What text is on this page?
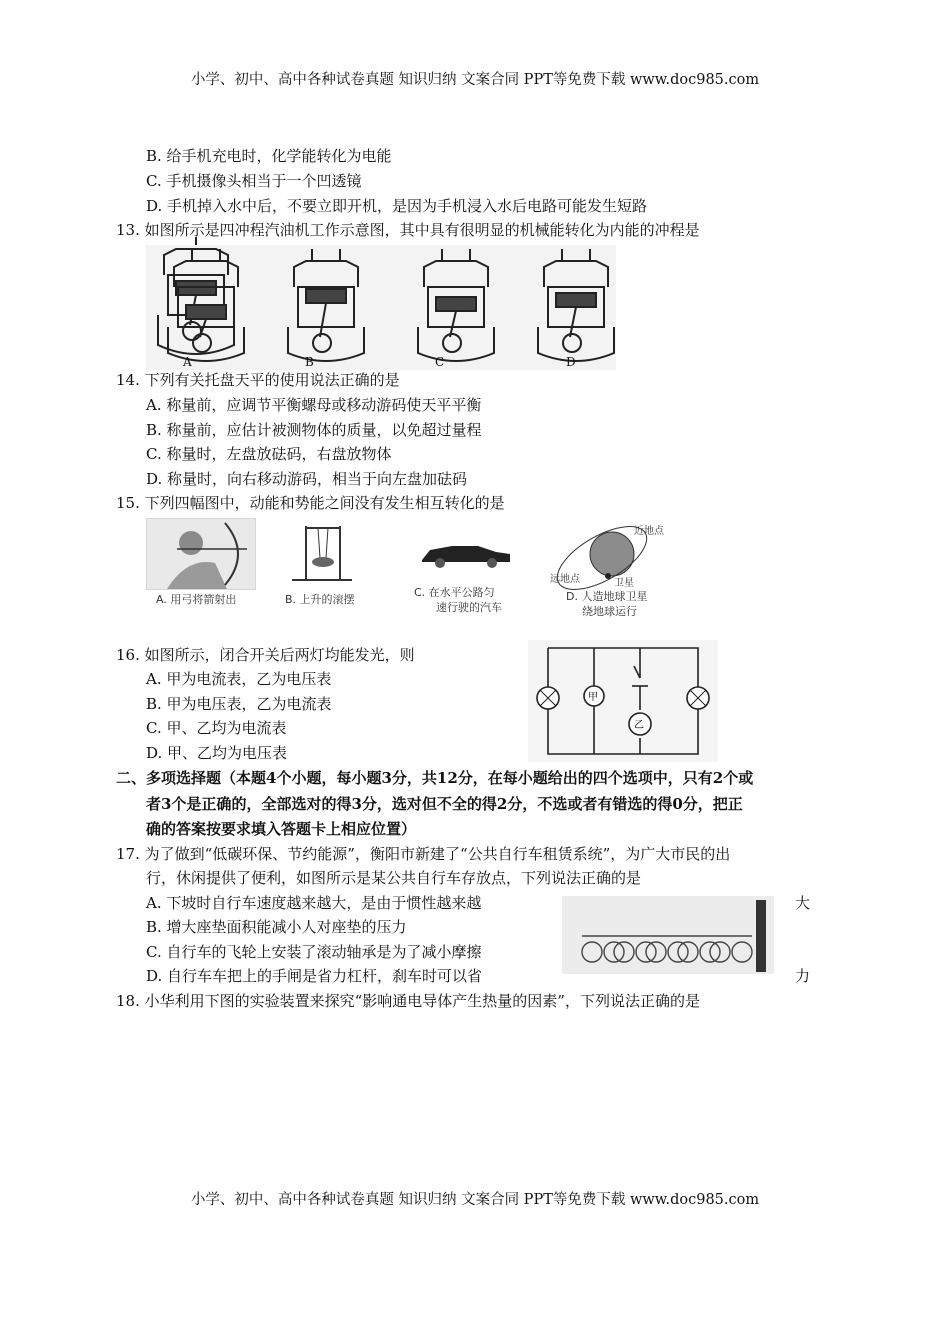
小学、初中、高中各种试卷真题 知识归纳 文案合同 PPT等免费下载 www.doc985.com
B. 给手机充电时，化学能转化为电能
C. 手机摄像头相当于一个凹透镜
D. 手机掉入水中后，不要立即开机，是因为手机浸入水后电路可能发生短路
13. 如图所示是四冲程汽油机工作示意图，其中具有很明显的机械能转化为内能的冲程是
A	B	C	D
14. 下列有关托盘天平的使用说法正确的是
A. 称量前，应调节平衡螺母或移动游码使天平平衡
B. 称量前，应估计被测物体的质量，以免超过量程
C. 称量时，左盘放砝码，右盘放物体
D. 称量时，向右移动游码，相当于向左盘加砝码
15. 下列四幅图中，动能和势能之间没有发生相互转化的是
近地点
远地点	卫星
A. 用弓将箭射出	B. 上升的滚摆
C. 在水平公路匀
速行驶的汽车
D. 人造地球卫星
绕地球运行
16. 如图所示，闭合开关后两灯均能发光，则
A. 甲为电流表，乙为电压表
B. 甲为电压表，乙为电流表
C. 甲、乙均为电流表
D. 甲、乙均为电压表
甲
乙
二、多项选择题（本题4个小题，每小题3分，共12分，在每小题给出的四个选项中，只有2个或
者3个是正确的，全部选对的得3分，选对但不全的得2分，不选或者有错选的得0分，把正
确的答案按要求填入答题卡上相应位置）
17. 为了做到“低碳环保、节约能源”，衡阳市新建了“公共自行车租赁系统”，为广大市民的出
行，休闲提供了便利，如图所示是某公共自行车存放点，下列说法正确的是
A. 下坡时自行车速度越来越大，是由于惯性越来越	大
B. 增大座垫面积能减小人对座垫的压力
C. 自行车的飞轮上安装了滚动轴承是为了减小摩擦
D. 自行车车把上的手闸是省力杠杆，刹车时可以省	力
18. 小华利用下图的实验装置来探究“影响通电导体产生热量的因素”，下列说法正确的是
小学、初中、高中各种试卷真题 知识归纳 文案合同 PPT等免费下载 www.doc985.com
